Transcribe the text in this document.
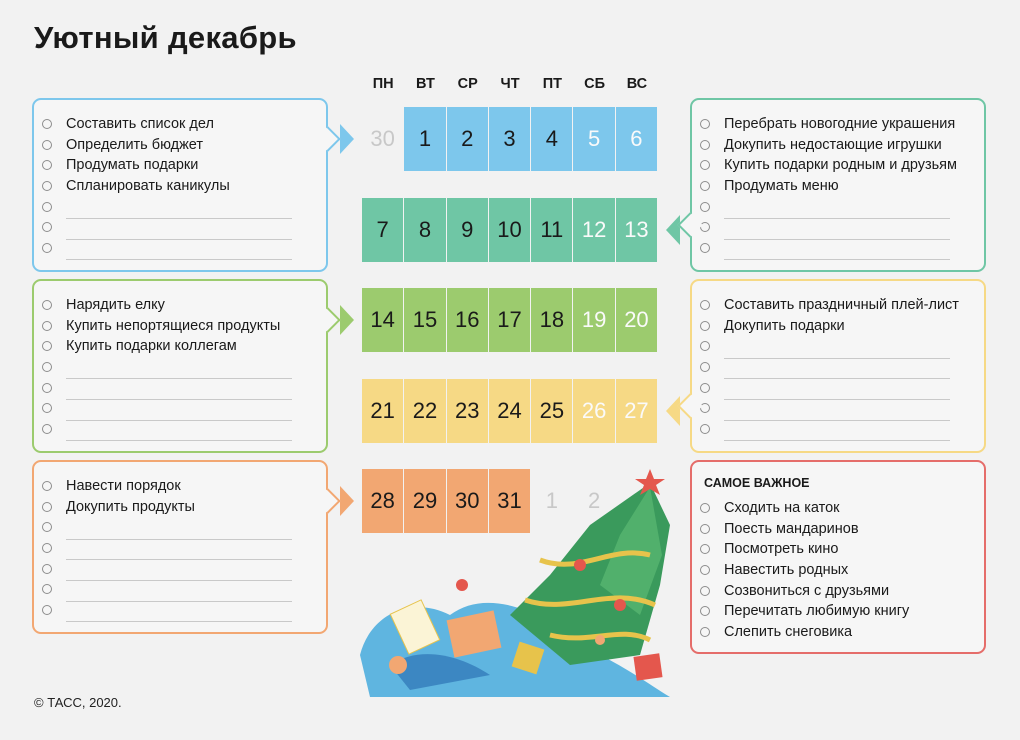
Уютный декабрь
ПН	ВТ	СР	ЧТ	ПТ	СБ	ВС
30	1	2	3	4	5	6
7	8	9	10 11 12 13
14 15 16 17 18 19 20
21 22 23 24 25 26 27
28 29 30 31	1	2
Составить список дел
Определить бюджет
Продумать подарки
Спланировать каникулы
Перебрать новогодние украшения
Докупить недостающие игрушки
Купить подарки родным и друзьям
Продумать меню
Нарядить елку
Купить непортящиеся продукты
Купить подарки коллегам
Составить праздничный плей-лист
Докупить подарки
Навести порядок
Докупить продукты
САМОЕ ВАЖНОЕ
Сходить на каток
Поесть мандаринов
Посмотреть кино
Навестить родных
Созвониться с друзьями
Перечитать любимую книгу
Слепить снеговика
© ТАСС, 2020.
